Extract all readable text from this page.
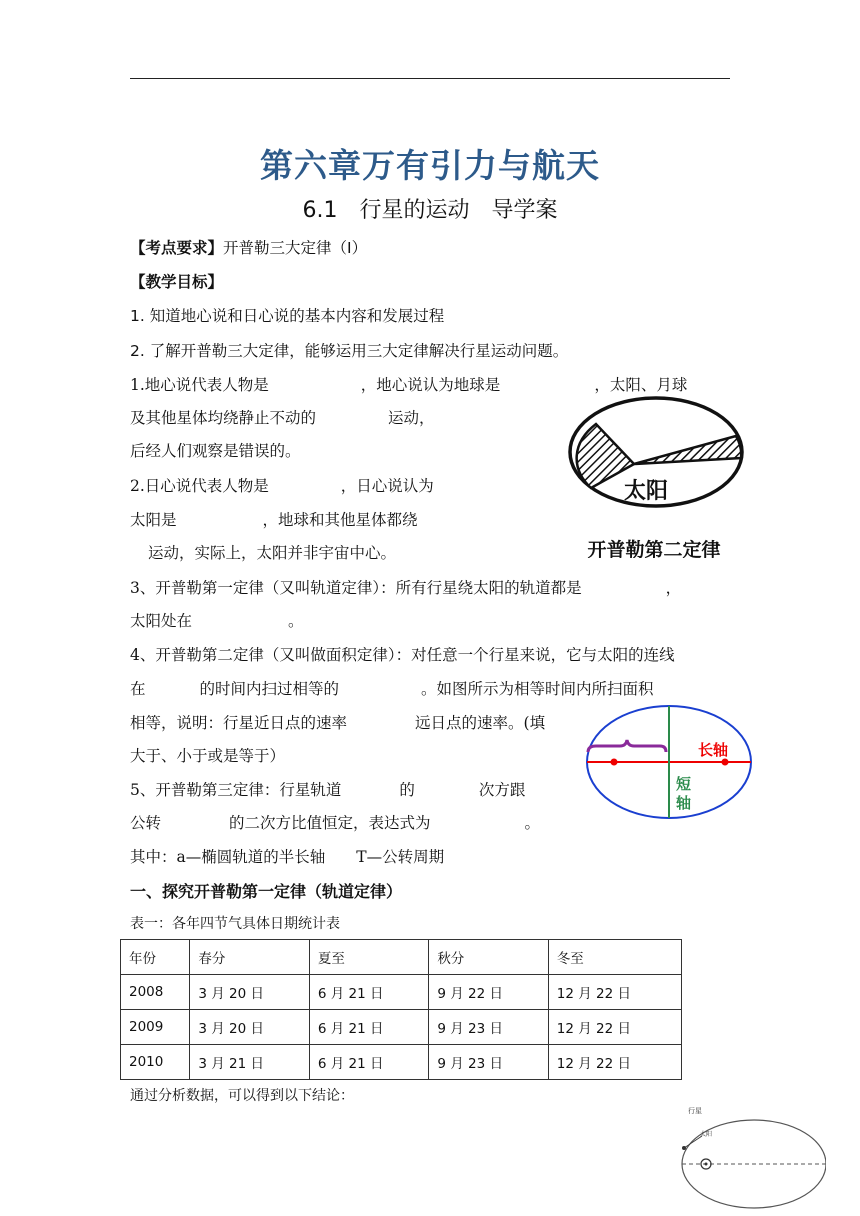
第六章万有引力与航天
6.1 行星的运动 导学案
【考点要求】开普勒三大定律（I）
【教学目标】
1. 知道地心说和日心说的基本内容和发展过程
2. 了解开普勒三大定律，能够运用三大定律解决行星运动问题。
1.地心说代表人物是	，地心说认为地球是	，太阳、月球
及其他星体均绕静止不动的	运动，
后经人们观察是错误的。
2.日心说代表人物是	，日心说认为
太阳是	，地球和其他星体都绕
运动，实际上，太阳并非宇宙中心。
3、开普勒第一定律（又叫轨道定律）：所有行星绕太阳的轨道都是	，
太阳处在	。
4、开普勒第二定律（又叫做面积定律）：对任意一个行星来说，它与太阳的连线
在	的时间内扫过相等的	。如图所示为相等时间内所扫面积
相等，说明：行星近日点的速率	远日点的速率。(填
大于、小于或是等于）
5、开普勒第三定律：行星轨道	的	次方跟
公转	的二次方比值恒定，表达式为	。
其中：a—椭圆轨道的半长轴　　T—公转周期
一、探究开普勒第一定律（轨道定律）
表一：各年四节气具体日期统计表
年份	春分	夏至	秋分	冬至
2008	3 月 20 日	6 月 21 日	9 月 22 日	12 月 22 日
2009	3 月 20 日	6 月 21 日	9 月 23 日	12 月 22 日
2010	3 月 21 日	6 月 21 日	9 月 23 日	12 月 22 日
通过分析数据，可以得到以下结论：
太阳
开普勒第二定律
长轴
短
轴
行星
太阳
